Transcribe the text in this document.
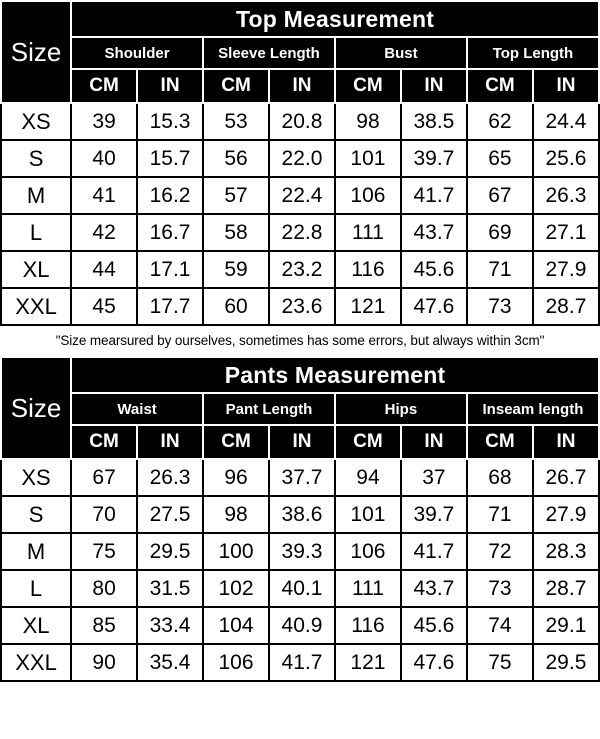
Size	Top Measurement							
	Shoulder		Sleeve Length		Bust		Top Length	
	CM	IN	CM	IN	CM	IN	CM	IN
XS	39	15.3	53	20.8	98	38.5	62	24.4
S	40	15.7	56	22.0	101	39.7	65	25.6
M	41	16.2	57	22.4	106	41.7	67	26.3
L	42	16.7	58	22.8	111	43.7	69	27.1
XL	44	17.1	59	23.2	116	45.6	71	27.9
XXL	45	17.7	60	23.6	121	47.6	73	28.7
"Size mearsured by ourselves, sometimes has some errors, but always within 3cm"
Size	Pants Measurement							
	Waist		Pant Length		Hips		Inseam length	
	CM	IN	CM	IN	CM	IN	CM	IN
XS	67	26.3	96	37.7	94	37	68	26.7
S	70	27.5	98	38.6	101	39.7	71	27.9
M	75	29.5	100	39.3	106	41.7	72	28.3
L	80	31.5	102	40.1	111	43.7	73	28.7
XL	85	33.4	104	40.9	116	45.6	74	29.1
XXL	90	35.4	106	41.7	121	47.6	75	29.5
